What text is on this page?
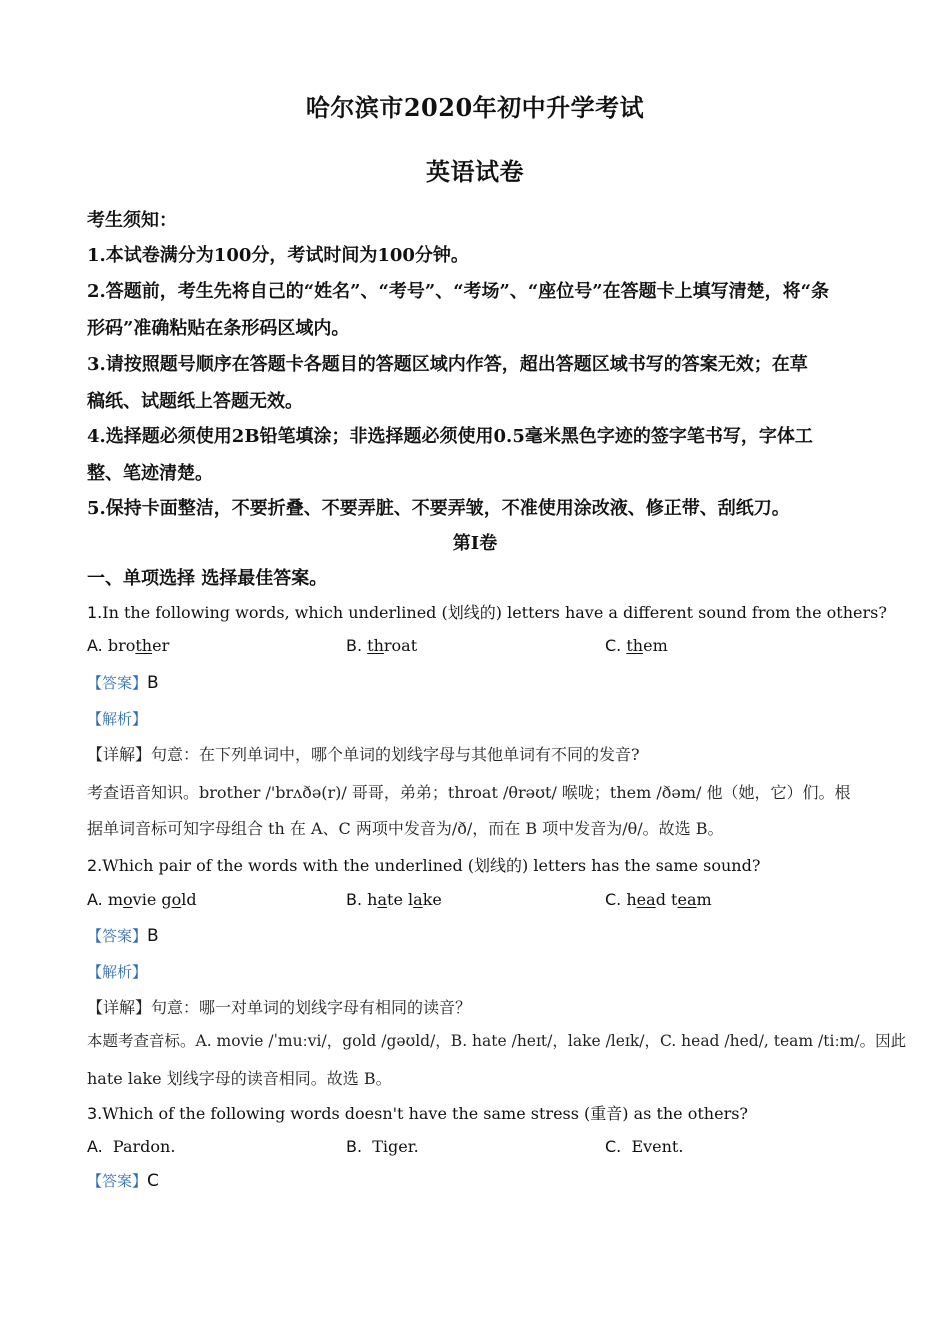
哈尔滨市2020年初中升学考试
英语试卷
考生须知：
1.本试卷满分为100分，考试时间为100分钟。
2.答题前，考生先将自己的“姓名”、“考号”、“考场”、“座位号”在答题卡上填写清楚，将“条
形码”准确粘贴在条形码区域内。
3.请按照题号顺序在答题卡各题目的答题区域内作答，超出答题区域书写的答案无效；在草
稿纸、试题纸上答题无效。
4.选择题必须使用2B铅笔填涂；非选择题必须使用0.5毫米黑色字迹的签字笔书写，字体工
整、笔迹清楚。
5.保持卡面整洁，不要折叠、不要弄脏、不要弄皱，不准使用涂改液、修正带、刮纸刀。
第Ⅰ卷
一、单项选择 选择最佳答案。
1.In the following words, which underlined (划线的) letters have a different sound from the others?
A. brother	B. throat	C. them
【答案】B
【解析】
【详解】句意：在下列单词中，哪个单词的划线字母与其他单词有不同的发音?
考查语音知识。brother /'brʌðə(r)/ 哥哥，弟弟；throat /θrəʊt/ 喉咙；them /ðəm/ 他（她，它）们。根
据单词音标可知字母组合 th 在 A、C 两项中发音为/ð/，而在 B 项中发音为/θ/。故选 B。
2.Which pair of the words with the underlined (划线的) letters has the same sound?
A. movie gold	B. hate lake	C. head team
【答案】B
【解析】
【详解】句意：哪一对单词的划线字母有相同的读音？
本题考查音标。A. movie /ˈmuːvi/，gold /gəʊld/，B. hate /heɪt/，lake /leɪk/，C. head /hed/, team /tiːm/。因此
hate lake 划线字母的读音相同。故选 B。
3.Which of the following words doesn't have the same stress (重音) as the others?
A. Pardon.	B. Tiger.	C. Event.
【答案】C
